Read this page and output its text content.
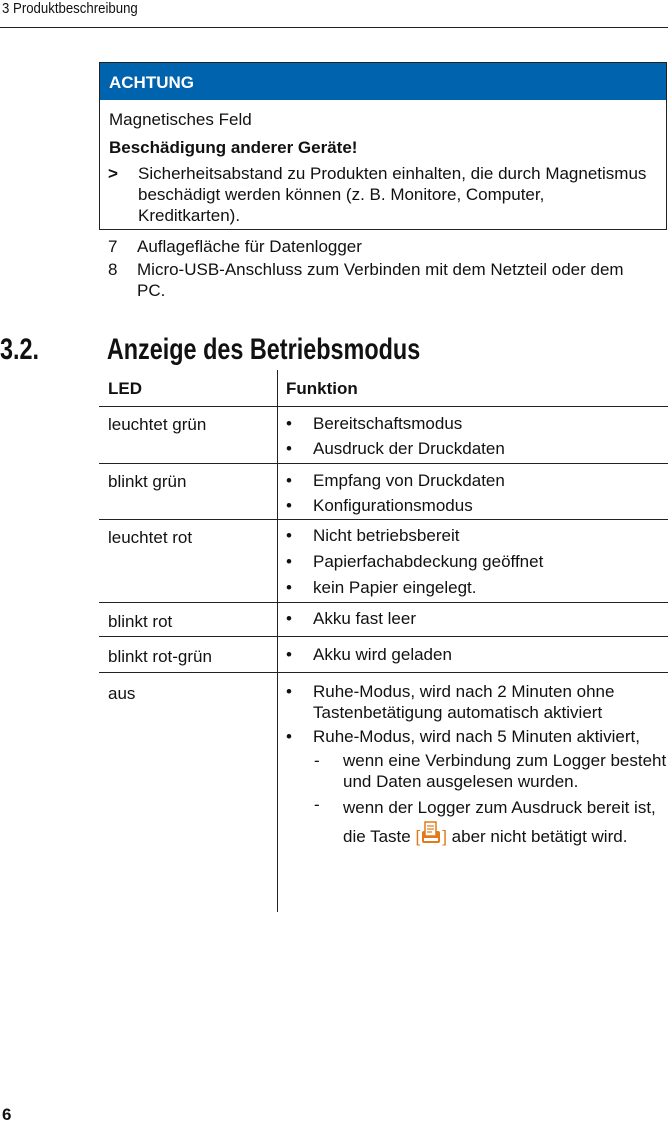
3 Produktbeschreibung
ACHTUNG
Magnetisches Feld
Beschädigung anderer Geräte!
> Sicherheitsabstand zu Produkten einhalten, die durch Magnetismus beschädigt werden können (z. B. Monitore, Computer, Kreditkarten).
7 Auflagefläche für Datenlogger
8 Micro-USB-Anschluss zum Verbinden mit dem Netzteil oder dem PC.
3.2. Anzeige des Betriebsmodus
LED	Funktion
leuchtet grün	• Bereitschaftsmodus
• Ausdruck der Druckdaten
blinkt grün	• Empfang von Druckdaten
• Konfigurationsmodus
leuchtet rot	• Nicht betriebsbereit
• Papierfachabdeckung geöffnet
• kein Papier eingelegt.
blinkt rot	• Akku fast leer
blinkt rot-grün	• Akku wird geladen
aus	• Ruhe-Modus, wird nach 2 Minuten ohne Tastenbetätigung automatisch aktiviert
• Ruhe-Modus, wird nach 5 Minuten aktiviert,
- wenn eine Verbindung zum Logger besteht und Daten ausgelesen wurden.
- wenn der Logger zum Ausdruck bereit ist, die Taste [ ] aber nicht betätigt wird.
6
